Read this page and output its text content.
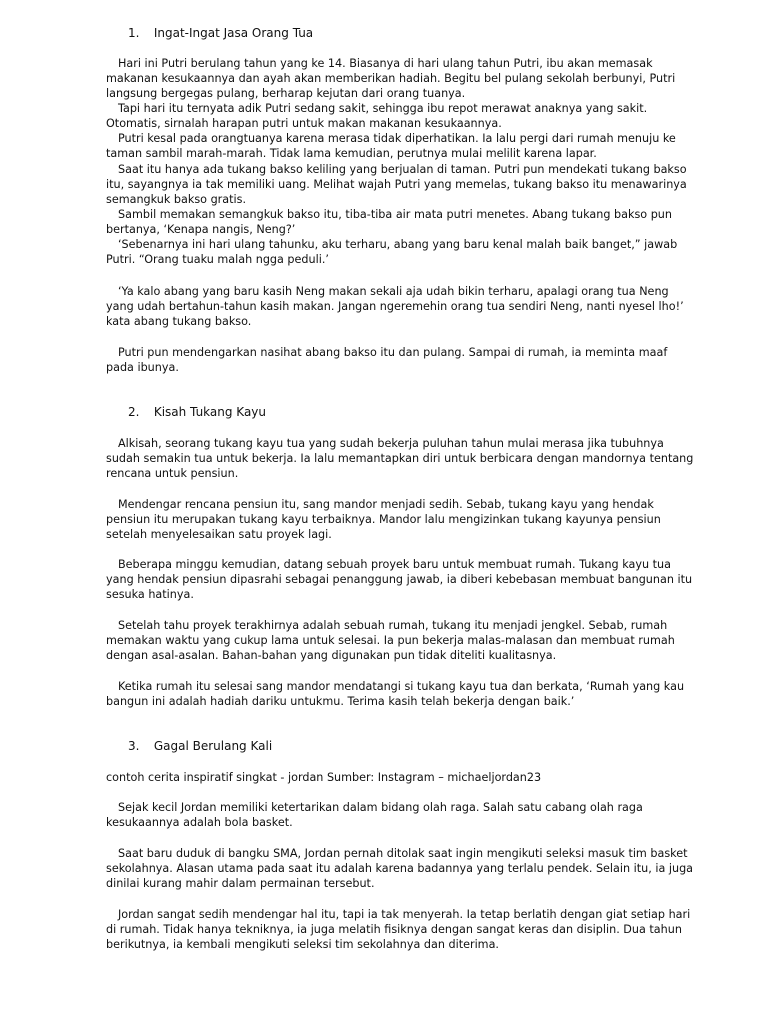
1. Ingat-Ingat Jasa Orang Tua

Hari ini Putri berulang tahun yang ke 14. Biasanya di hari ulang tahun Putri, ibu akan memasak makanan kesukaannya dan ayah akan memberikan hadiah. Begitu bel pulang sekolah berbunyi, Putri langsung bergegas pulang, berharap kejutan dari orang tuanya.

Tapi hari itu ternyata adik Putri sedang sakit, sehingga ibu repot merawat anaknya yang sakit. Otomatis, sirnalah harapan putri untuk makan makanan kesukaannya.

Putri kesal pada orangtuanya karena merasa tidak diperhatikan. Ia lalu pergi dari rumah menuju ke taman sambil marah-marah. Tidak lama kemudian, perutnya mulai melilit karena lapar.

Saat itu hanya ada tukang bakso keliling yang berjualan di taman. Putri pun mendekati tukang bakso itu, sayangnya ia tak memiliki uang. Melihat wajah Putri yang memelas, tukang bakso itu menawarinya semangkuk bakso gratis.

Sambil memakan semangkuk bakso itu, tiba-tiba air mata putri menetes. Abang tukang bakso pun bertanya, ‘Kenapa nangis, Neng?’

‘Sebenarnya ini hari ulang tahunku, aku terharu, abang yang baru kenal malah baik banget,” jawab Putri. “Orang tuaku malah ngga peduli.’

‘Ya kalo abang yang baru kasih Neng makan sekali aja udah bikin terharu, apalagi orang tua Neng yang udah bertahun-tahun kasih makan. Jangan ngeremehin orang tua sendiri Neng, nanti nyesel lho!’ kata abang tukang bakso.

Putri pun mendengarkan nasihat abang bakso itu dan pulang. Sampai di rumah, ia meminta maaf pada ibunya.

2. Kisah Tukang Kayu

Alkisah, seorang tukang kayu tua yang sudah bekerja puluhan tahun mulai merasa jika tubuhnya sudah semakin tua untuk bekerja. Ia lalu memantapkan diri untuk berbicara dengan mandornya tentang rencana untuk pensiun.

Mendengar rencana pensiun itu, sang mandor menjadi sedih. Sebab, tukang kayu yang hendak pensiun itu merupakan tukang kayu terbaiknya. Mandor lalu mengizinkan tukang kayunya pensiun setelah menyelesaikan satu proyek lagi.

Beberapa minggu kemudian, datang sebuah proyek baru untuk membuat rumah. Tukang kayu tua yang hendak pensiun dipasrahi sebagai penanggung jawab, ia diberi kebebasan membuat bangunan itu sesuka hatinya.

Setelah tahu proyek terakhirnya adalah sebuah rumah, tukang itu menjadi jengkel. Sebab, rumah memakan waktu yang cukup lama untuk selesai. Ia pun bekerja malas-malasan dan membuat rumah dengan asal-asalan. Bahan-bahan yang digunakan pun tidak diteliti kualitasnya.

Ketika rumah itu selesai sang mandor mendatangi si tukang kayu tua dan berkata, ‘Rumah yang kau bangun ini adalah hadiah dariku untukmu. Terima kasih telah bekerja dengan baik.’

3. Gagal Berulang Kali

contoh cerita inspiratif singkat - jordan Sumber: Instagram – michaeljordan23

Sejak kecil Jordan memiliki ketertarikan dalam bidang olah raga. Salah satu cabang olah raga kesukaannya adalah bola basket.

Saat baru duduk di bangku SMA, Jordan pernah ditolak saat ingin mengikuti seleksi masuk tim basket sekolahnya. Alasan utama pada saat itu adalah karena badannya yang terlalu pendek. Selain itu, ia juga dinilai kurang mahir dalam permainan tersebut.

Jordan sangat sedih mendengar hal itu, tapi ia tak menyerah. Ia tetap berlatih dengan giat setiap hari di rumah. Tidak hanya tekniknya, ia juga melatih fisiknya dengan sangat keras dan disiplin. Dua tahun berikutnya, ia kembali mengikuti seleksi tim sekolahnya dan diterima.
